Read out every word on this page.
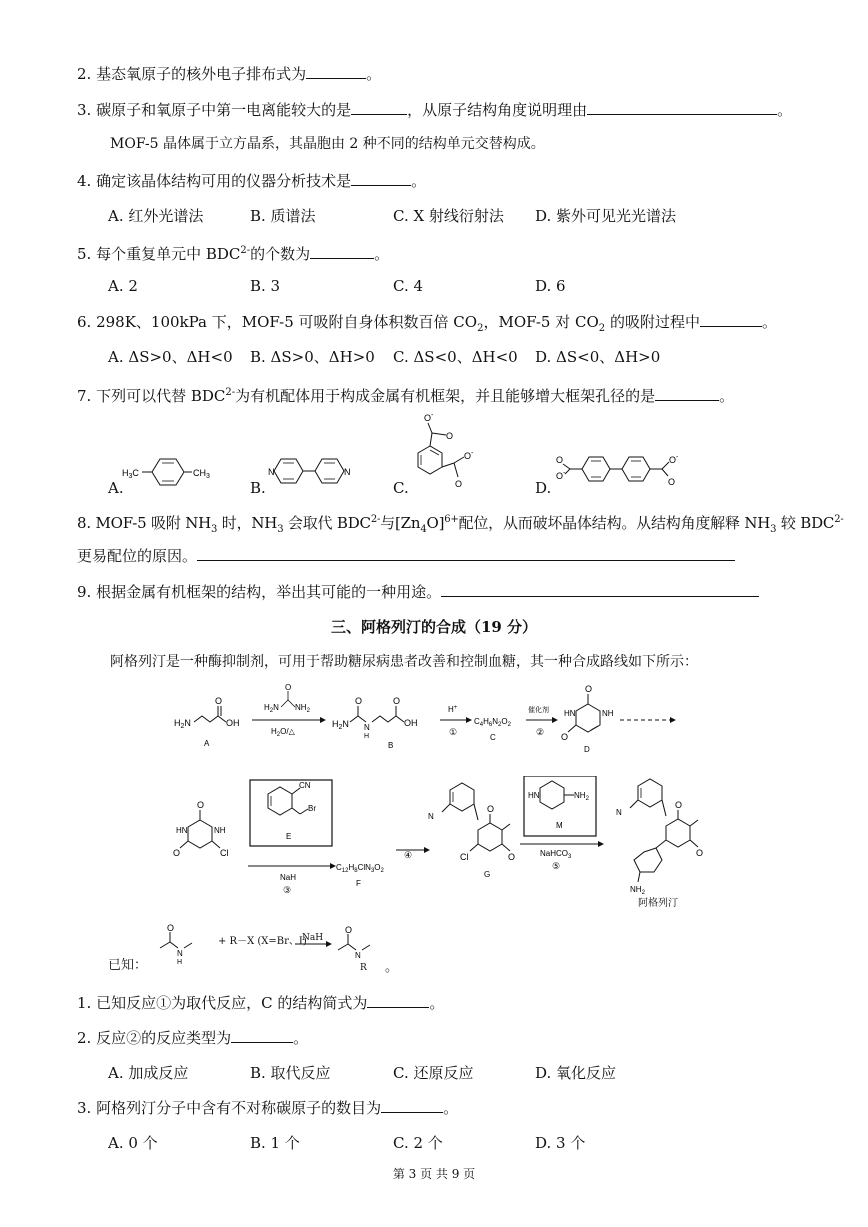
2. 基态氧原子的核外电子排布式为	。
3. 碳原子和氧原子中第一电离能较大的是	，从原子结构角度说明理由	。
MOF-5 晶体属于立方晶系，其晶胞由 2 种不同的结构单元交替构成。
4. 确定该晶体结构可用的仪器分析技术是	。
A. 红外光谱法	B. 质谱法	C. X 射线衍射法 D. 紫外可见光光谱法
5. 每个重复单元中 $BDC^{2-}$的个数为	。
A. 2	B. 3	C. 4	D. 6
6. 298K、100kPa 下，MOF-5 可吸附自身体积数百倍 $CO_2$，MOF-5 对 $CO_2$ 的吸附过程中	。
A. ΔS>0、ΔH<0 B. ΔS>0、ΔH>0 C. ΔS<0、ΔH<0 D. ΔS<0、ΔH>0
7. 下列可以代替 $BDC^{2-}$为有机配体用于构成金属有机框架，并且能够增大框架孔径的是	。
A.	B.	C.	D.
$H_3C$	$CH_3$	N	N
O-
O
O-
O
O
O-
O-
O
8. MOF-5 吸附 $NH_3$ 时，$NH_3$ 会取代 $BDC^{2-}$与$[Zn_4O]^{6+}$配位，从而破坏晶体结构。从结构角度解释 $NH_3$ 较 $BDC^{2-}$
更易配位的原因。
9. 根据金属有机框架的结构，举出其可能的一种用途。
三、阿格列汀的合成（19 分）
阿格列汀是一种酶抑制剂，可用于帮助糖尿病患者改善和控制血糖，其一种合成路线如下所示：
$H_2N$
O
OH
A
$H_2N$
O
$NH_2$
$H_2O/\triangle$
$H_2N$
O
N
H
O
OH
B
H+
①
$C_4H_6N_2O_2$
C
催化剂
②
O
HN	NH
O
D
O
HN	NH
O	Cl
CN
Br
E
NaH
③
$C_{12}H_8ClN_3O_2$
F
④
N
O
Cl	O
G
HN	$NH_2$
M
NaHCO$_3$
⑤
N
O
O
$NH_2$
阿格列汀
已知：
O
N
H
O
N
+ R－X (X=Br、I)
NaH
R 。
1. 已知反应①为取代反应，C 的结构简式为	。
2. 反应②的反应类型为	。
A. 加成反应	B. 取代反应	C. 还原反应	D. 氧化反应
3. 阿格列汀分子中含有不对称碳原子的数目为	。
A. 0 个	B. 1 个	C. 2 个	D. 3 个
第 3 页 共 9 页
